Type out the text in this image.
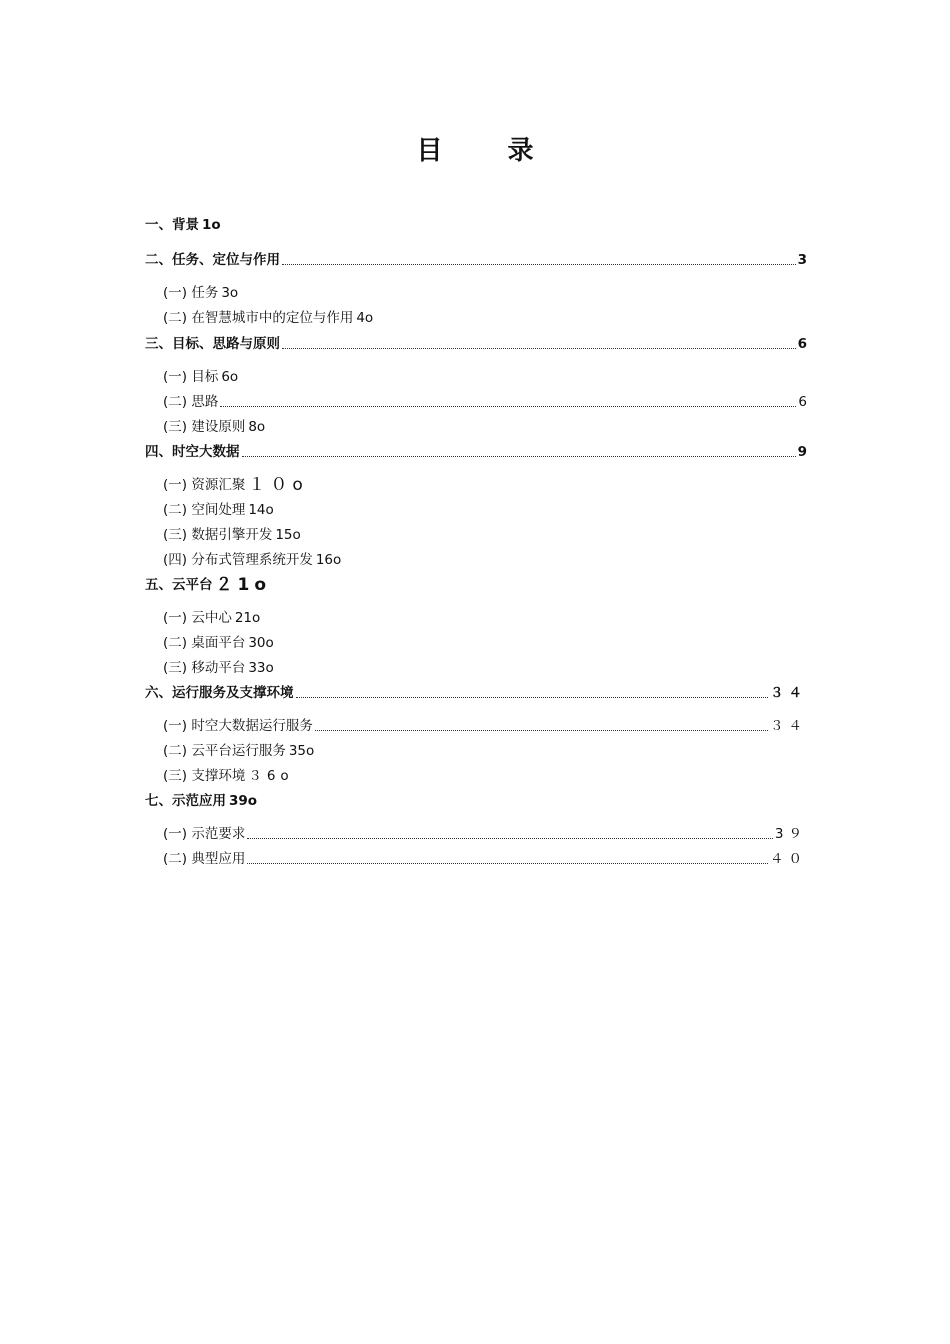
目 录
一、背景 1o
二、任务、定位与作用	3
(一) 任务 3o
(二) 在智慧城市中的定位与作用 4o
三、目标、思路与原则	6
(一) 目标 6o
(二) 思路	6
(三) 建设原则 8o
四、时空大数据	9
(一) 资源汇聚 １０o
(二) 空间处理 14o
(三) 数据引擎开发 15o
(四) 分布式管理系统开发 16o
五、云平台 ２1o
(一) 云中心 21o
(二) 桌面平台 30o
(三) 移动平台 33o
六、运行服务及支撑环境	３４
(一) 时空大数据运行服务	３４
(二) 云平台运行服务 35o
(三) 支撑环境 ３6o
七、示范应用 39o
(一) 示范要求	3９
(二) 典型应用	４０
